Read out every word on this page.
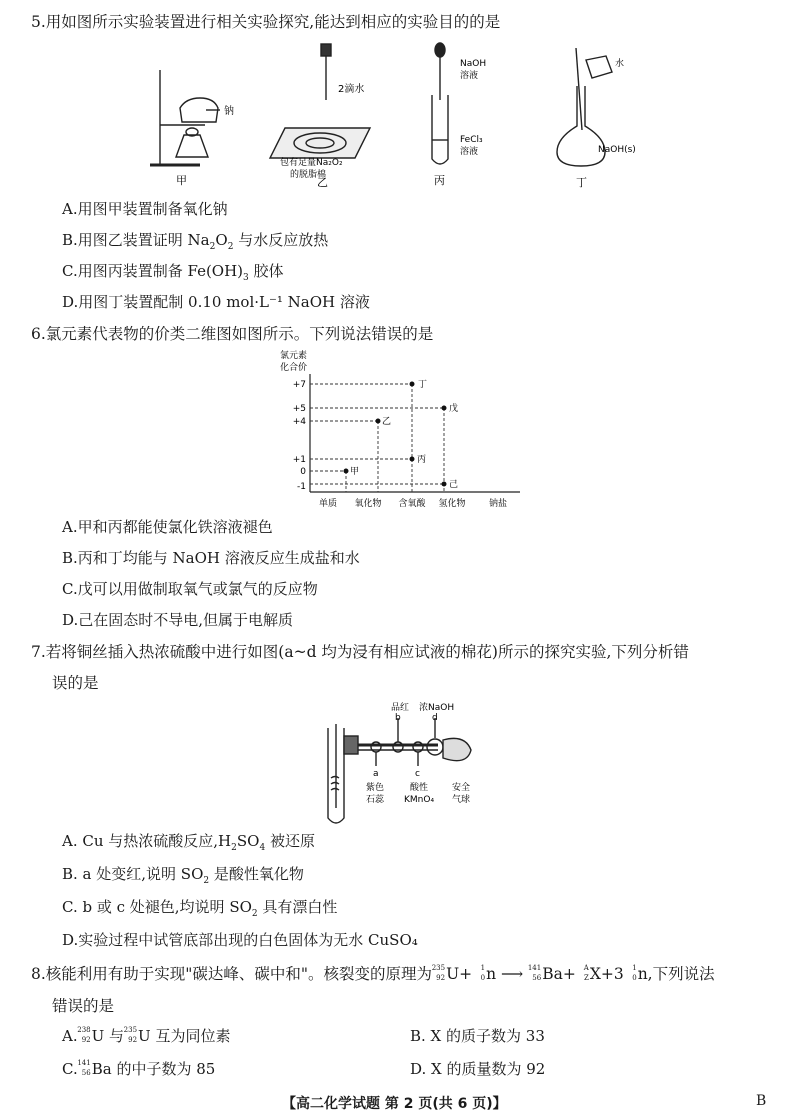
5.用如图所示实验装置进行相关实验探究,能达到相应的实验目的的是
钠
甲
2滴水
包有足量Na₂O₂
的脱脂棉
乙
NaOH
溶液
FeCl₃
溶液
丙
水
NaOH(s)
丁
A.用图甲装置制备氧化钠
B.用图乙装置证明 $Na_2O_2$ 与水反应放热
C.用图丙装置制备 $Fe(OH)_3$ 胶体
D.用图丁装置配制 0.10 mol·L⁻¹ NaOH 溶液
6.氯元素代表物的价类二维图如图所示。下列说法错误的是
氯元素
化合价
+7
+5
+4
+1
0
-1
丁
戊
乙
丙
甲
己
单质 氧化物 含氧酸 氢化物	钠盐
A.甲和丙都能使氯化铁溶液褪色
B.丙和丁均能与 NaOH 溶液反应生成盐和水
C.戊可以用做制取氧气或氯气的反应物
D.己在固态时不导电,但属于电解质
7.若将铜丝插入热浓硫酸中进行如图(a~d 均为浸有相应试液的棉花)所示的探究实验,下列分析错
误的是
品红 浓NaOH
b	d
a	c
紫色
石蕊
酸性
KMnO₄
安全
气球
A. Cu 与热浓硫酸反应$,H_2SO_4$ 被还原
B. a 处变红,说明 $SO_2$ 是酸性氧化物
C. b 或 c 处褪色,均说明 $SO_2$ 具有漂白性
D.实验过程中试管底部出现的白色固体为无水 CuSO₄
8.核能利用有助于实现"碳达峰、碳中和"。核裂变的原理为 235
92 U+ 1
0 n ⟶ 141
56 Ba+ A
Z X+3 1
0 n,下列说法
错误的是
A. 238
92 U 与 235
92 U 互为同位素	B. X 的质子数为 33
C. 141
56 Ba 的中子数为 85	D. X 的质量数为 92
【高二化学试题 第 2 页(共 6 页)】	B
